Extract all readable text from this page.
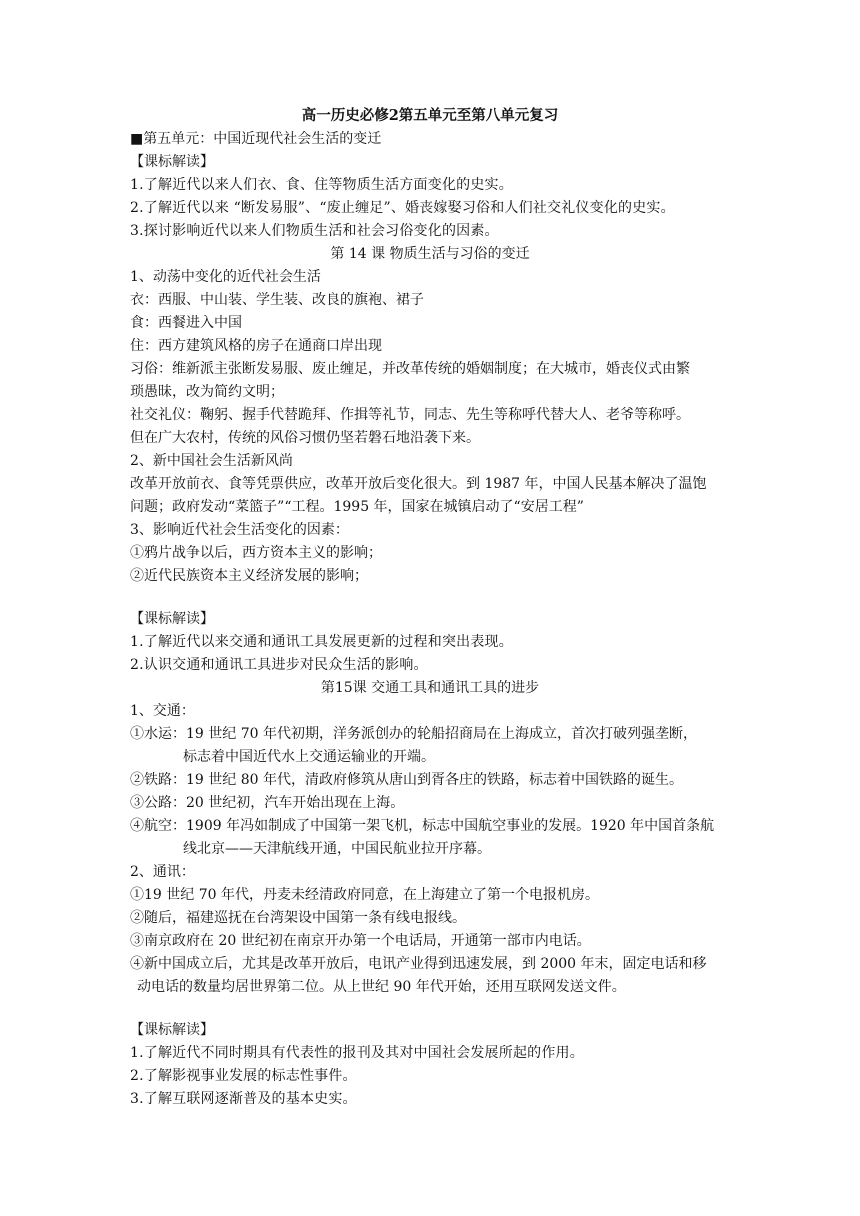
高一历史必修2第五单元至第八单元复习
■第五单元：中国近现代社会生活的变迁
【课标解读】
1.了解近代以来人们衣、食、住等物质生活方面变化的史实。
2.了解近代以来 “断发易服”、“废止缠足”、婚丧嫁娶习俗和人们社交礼仪变化的史实。
3.探讨影响近代以来人们物质生活和社会习俗变化的因素。
第 14 课 物质生活与习俗的变迁
1、动荡中变化的近代社会生活
衣：西服、中山装、学生装、改良的旗袍、裙子
食：西餐进入中国
住：西方建筑风格的房子在通商口岸出现
习俗：维新派主张断发易服、废止缠足，并改革传统的婚姻制度；在大城市，婚丧仪式由繁
琐愚昧，改为简约文明；
社交礼仪：鞠躬、握手代替跪拜、作揖等礼节，同志、先生等称呼代替大人、老爷等称呼。
但在广大农村，传统的风俗习惯仍坚若磐石地沿袭下来。
2、新中国社会生活新风尚
改革开放前衣、食等凭票供应，改革开放后变化很大。到 1987 年，中国人民基本解决了温饱
问题；政府发动“菜篮子”“工程。1995 年，国家在城镇启动了“安居工程”
3、影响近代社会生活变化的因素：
①鸦片战争以后，西方资本主义的影响；
②近代民族资本主义经济发展的影响；
【课标解读】
1.了解近代以来交通和通讯工具发展更新的过程和突出表现。
2.认识交通和通讯工具进步对民众生活的影响。
第15课 交通工具和通讯工具的进步
1、交通：
①水运：19 世纪 70 年代初期，洋务派创办的轮船招商局在上海成立，首次打破列强垄断，
标志着中国近代水上交通运输业的开端。
②铁路：19 世纪 80 年代，清政府修筑从唐山到胥各庄的铁路，标志着中国铁路的诞生。
③公路：20 世纪初，汽车开始出现在上海。
④航空：1909 年冯如制成了中国第一架飞机，标志中国航空事业的发展。1920 年中国首条航
线北京——天津航线开通，中国民航业拉开序幕。
2、通讯：
①19 世纪 70 年代，丹麦未经清政府同意，在上海建立了第一个电报机房。
②随后，福建巡抚在台湾架设中国第一条有线电报线。
③南京政府在 20 世纪初在南京开办第一个电话局，开通第一部市内电话。
④新中国成立后，尤其是改革开放后，电讯产业得到迅速发展，到 2000 年末，固定电话和移
动电话的数量均居世界第二位。从上世纪 90 年代开始，还用互联网发送文件。
【课标解读】
1.了解近代不同时期具有代表性的报刊及其对中国社会发展所起的作用。
2.了解影视事业发展的标志性事件。
3.了解互联网逐渐普及的基本史实。
